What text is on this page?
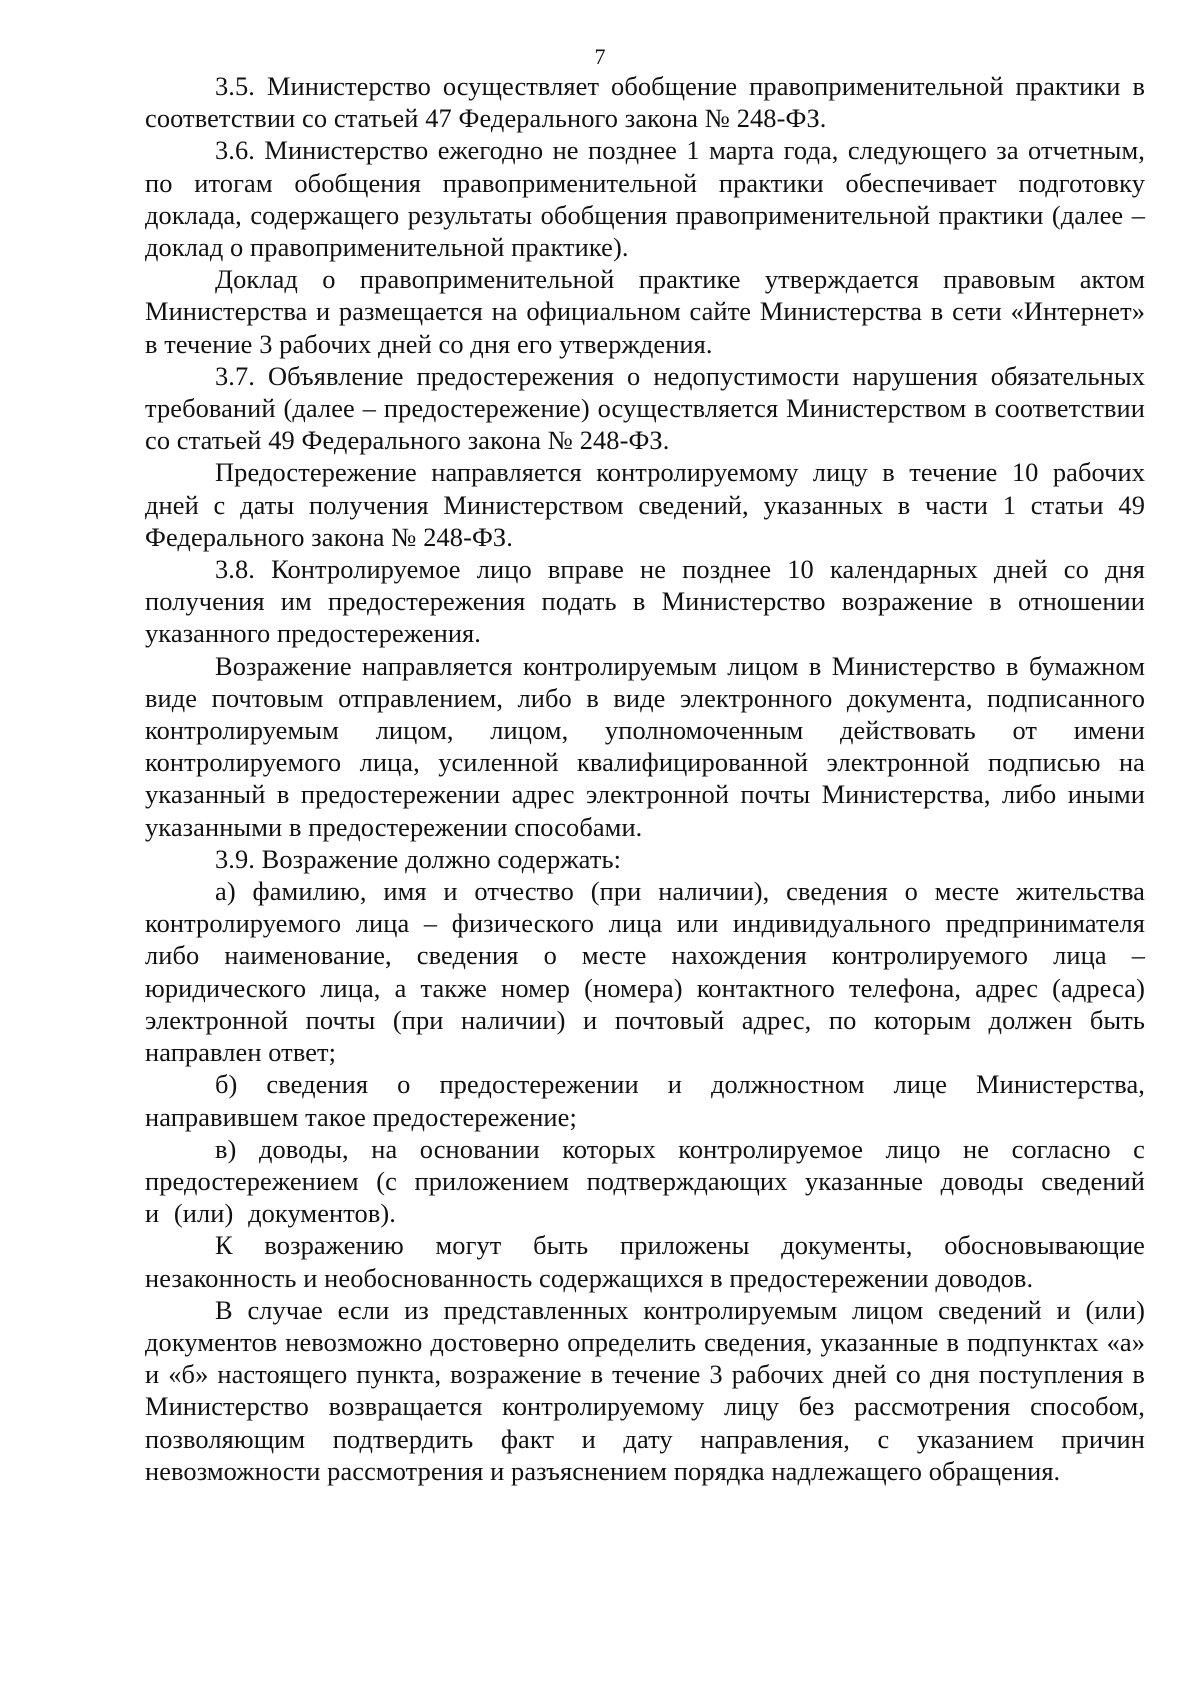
7

3.5. Министерство осуществляет обобщение правоприменительной практики в соответствии со статьей 47 Федерального закона № 248-ФЗ.

3.6. Министерство ежегодно не позднее 1 марта года, следующего за отчетным, по итогам обобщения правоприменительной практики обеспечивает подготовку доклада, содержащего результаты обобщения правоприменительной практики (далее – доклад о правоприменительной практике).

Доклад о правоприменительной практике утверждается правовым актом Министерства и размещается на официальном сайте Министерства в сети «Интернет» в течение 3 рабочих дней со дня его утверждения.

3.7. Объявление предостережения о недопустимости нарушения обязательных требований (далее – предостережение) осуществляется Министерством в соответствии со статьей 49 Федерального закона № 248-ФЗ.

Предостережение направляется контролируемому лицу в течение 10 рабочих дней с даты получения Министерством сведений, указанных в части 1 статьи 49 Федерального закона № 248-ФЗ.

3.8. Контролируемое лицо вправе не позднее 10 календарных дней со дня получения им предостережения подать в Министерство возражение в отношении указанного предостережения.

Возражение направляется контролируемым лицом в Министерство в бумажном виде почтовым отправлением, либо в виде электронного документа, подписанного контролируемым лицом, лицом, уполномоченным действовать от имени контролируемого лица, усиленной квалифицированной электронной подписью на указанный в предостережении адрес электронной почты Министерства, либо иными указанными в предостережении способами.

3.9. Возражение должно содержать:

а) фамилию, имя и отчество (при наличии), сведения о месте жительства контролируемого лица – физического лица или индивидуального предпринимателя либо наименование, сведения о месте нахождения контролируемого лица – юридического лица, а также номер (номера) контактного телефона, адрес (адреса) электронной почты (при наличии) и почтовый адрес, по которым должен быть направлен ответ;

б) сведения о предостережении и должностном лице Министерства, направившем такое предостережение;

в) доводы, на основании которых контролируемое лицо не согласно с предостережением (с приложением подтверждающих указанные доводы сведений и (или) документов).

К возражению могут быть приложены документы, обосновывающие незаконность и необоснованность содержащихся в предостережении доводов.

В случае если из представленных контролируемым лицом сведений и (или) документов невозможно достоверно определить сведения, указанные в подпунктах «а» и «б» настоящего пункта, возражение в течение 3 рабочих дней со дня поступления в Министерство возвращается контролируемому лицу без рассмотрения способом, позволяющим подтвердить факт и дату направления, с указанием причин невозможности рассмотрения и разъяснением порядка надлежащего обращения.
